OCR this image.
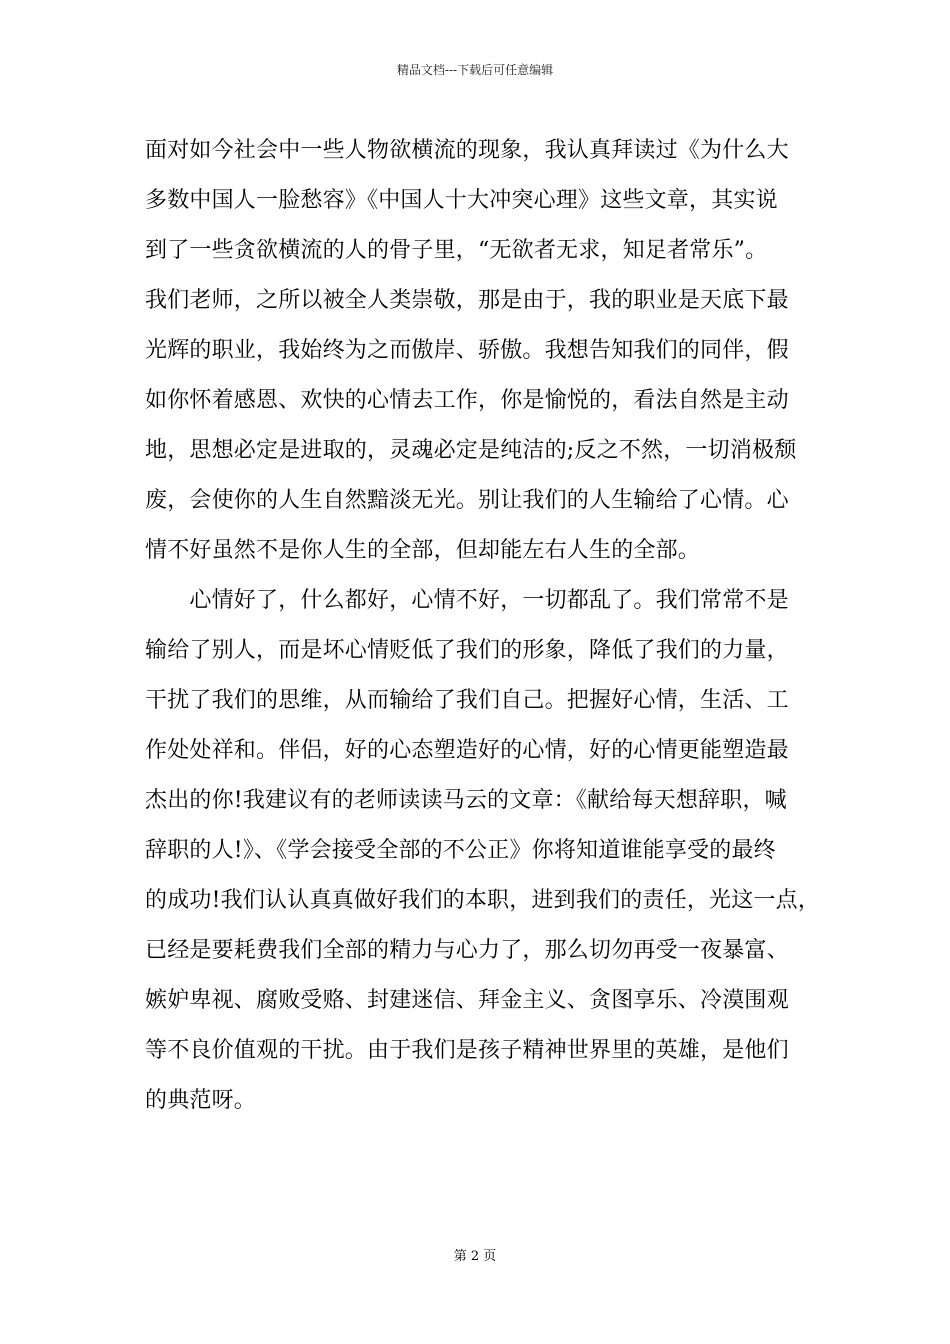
精品文档---下载后可任意编辑
面对如今社会中一些人物欲横流的现象，我认真拜读过《为什么大
多数中国人一脸愁容》《中国人十大冲突心理》这些文章，其实说
到了一些贪欲横流的人的骨子里，“无欲者无求，知足者常乐”。
我们老师，之所以被全人类崇敬，那是由于，我的职业是天底下最
光辉的职业，我始终为之而傲岸、骄傲。我想告知我们的同伴，假
如你怀着感恩、欢快的心情去工作，你是愉悦的，看法自然是主动
地，思想必定是进取的，灵魂必定是纯洁的;反之不然，一切消极颓
废，会使你的人生自然黯淡无光。别让我们的人生输给了心情。心
情不好虽然不是你人生的全部，但却能左右人生的全部。
　　心情好了，什么都好，心情不好，一切都乱了。我们常常不是
输给了别人，而是坏心情贬低了我们的形象，降低了我们的力量，
干扰了我们的思维，从而输给了我们自己。把握好心情，生活、工
作处处祥和。伴侣，好的心态塑造好的心情，好的心情更能塑造最
杰出的你!我建议有的老师读读马云的文章：《献给每天想辞职，喊
辞职的人!》、《学会接受全部的不公正》你将知道谁能享受的最终
的成功!我们认认真真做好我们的本职，进到我们的责任，光这一点，
已经是要耗费我们全部的精力与心力了，那么切勿再受一夜暴富、
嫉妒卑视、腐败受赂、封建迷信、拜金主义、贪图享乐、冷漠围观
等不良价值观的干扰。由于我们是孩子精神世界里的英雄，是他们
的典范呀。
第 2 页
